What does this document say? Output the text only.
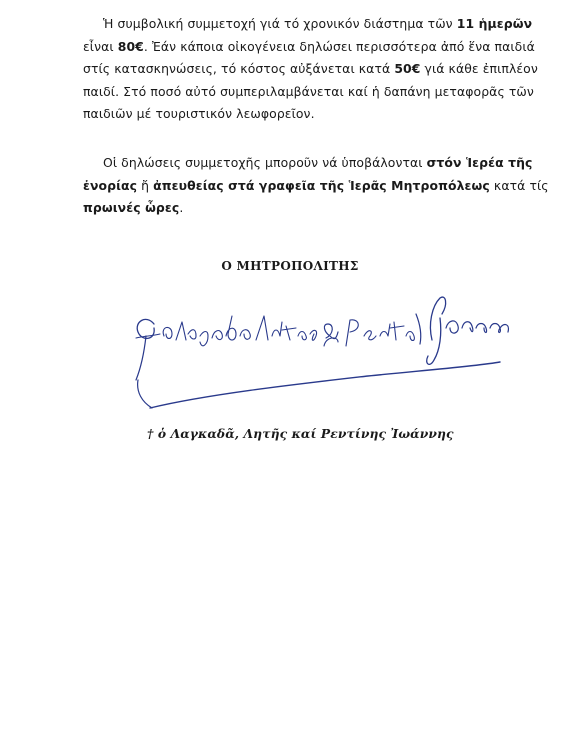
Ἡ συμβολική συμμετοχή γιά τό χρονικόν διάστημα τῶν 11 ἡμερῶν
εἶναι 80€. Ἐάν κάποια οἰκογένεια δηλώσει περισσότερα ἀπό ἕνα παιδιά
στίς κατασκηνώσεις, τό κόστος αὐξάνεται κατά 50€ γιά κάθε ἐπιπλέον
παιδί. Στό ποσό αὐτό συμπεριλαμβάνεται καί ἡ δαπάνη μεταφορᾶς τῶν
παιδιῶν μέ τουριστικόν λεωφορεῖον.
Οἱ δηλώσεις συμμετοχῆς μποροῦν νά ὑποβάλονται στόν Ἱερέα τῆς
ἐνορίας ἤ ἀπευθείας στά γραφεῖα τῆς Ἱερᾶς Μητροπόλεως κατά τίς
πρωινές ὧρες.
Ο ΜΗΤΡΟΠΟΛΙΤΗΣ
† ὁ Λαγκαδᾶ, Λητῆς καί Ρεντίνης Ἰωάννης
